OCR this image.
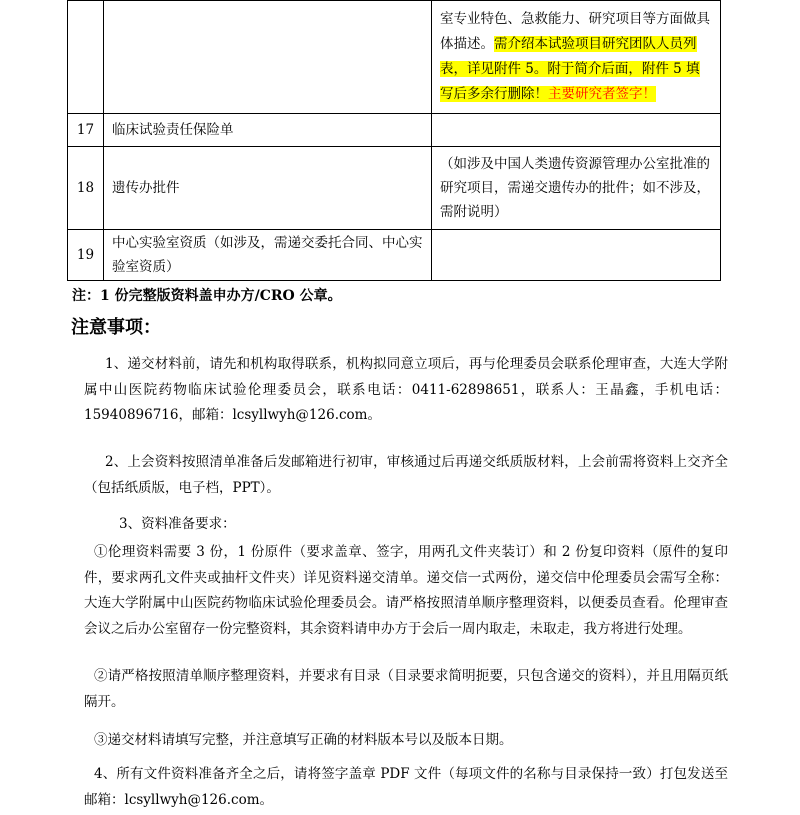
		室专业特色、急救能力、研究项目等方面做具体描述。需介绍本试验项目研究团队人员列表，详见附件 5。附于简介后面，附件 5 填写后多余行删除！主要研究者签字！
17	临床试验责任保险单	
18	遗传办批件	（如涉及中国人类遗传资源管理办公室批准的研究项目，需递交遗传办的批件；如不涉及，需附说明）
19	中心实验室资质（如涉及，需递交委托合同、中心实验室资质）	
注：1 份完整版资料盖申办方/CRO 公章。
注意事项：
1、递交材料前，请先和机构取得联系，机构拟同意立项后，再与伦理委员会联系伦理审查，大连大学附属中山医院药物临床试验伦理委员会，联系电话：0411-62898651，联系人：王晶鑫，手机电话：15940896716，邮箱：lcsyllwyh@126.com。
2、上会资料按照清单准备后发邮箱进行初审，审核通过后再递交纸质版材料，上会前需将资料上交齐全（包括纸质版，电子档，PPT）。
3、资料准备要求：
①伦理资料需要 3 份，1 份原件（要求盖章、签字，用两孔文件夹装订）和 2 份复印资料（原件的复印件，要求两孔文件夹或抽杆文件夹）详见资料递交清单。递交信一式两份，递交信中伦理委员会需写全称：大连大学附属中山医院药物临床试验伦理委员会。请严格按照清单顺序整理资料，以便委员查看。伦理审查会议之后办公室留存一份完整资料，其余资料请申办方于会后一周内取走，未取走，我方将进行处理。
②请严格按照清单顺序整理资料，并要求有目录（目录要求简明扼要，只包含递交的资料），并且用隔页纸隔开。
③递交材料请填写完整，并注意填写正确的材料版本号以及版本日期。
4、所有文件资料准备齐全之后，请将签字盖章 PDF 文件（每项文件的名称与目录保持一致）打包发送至邮箱：lcsyllwyh@126.com。
